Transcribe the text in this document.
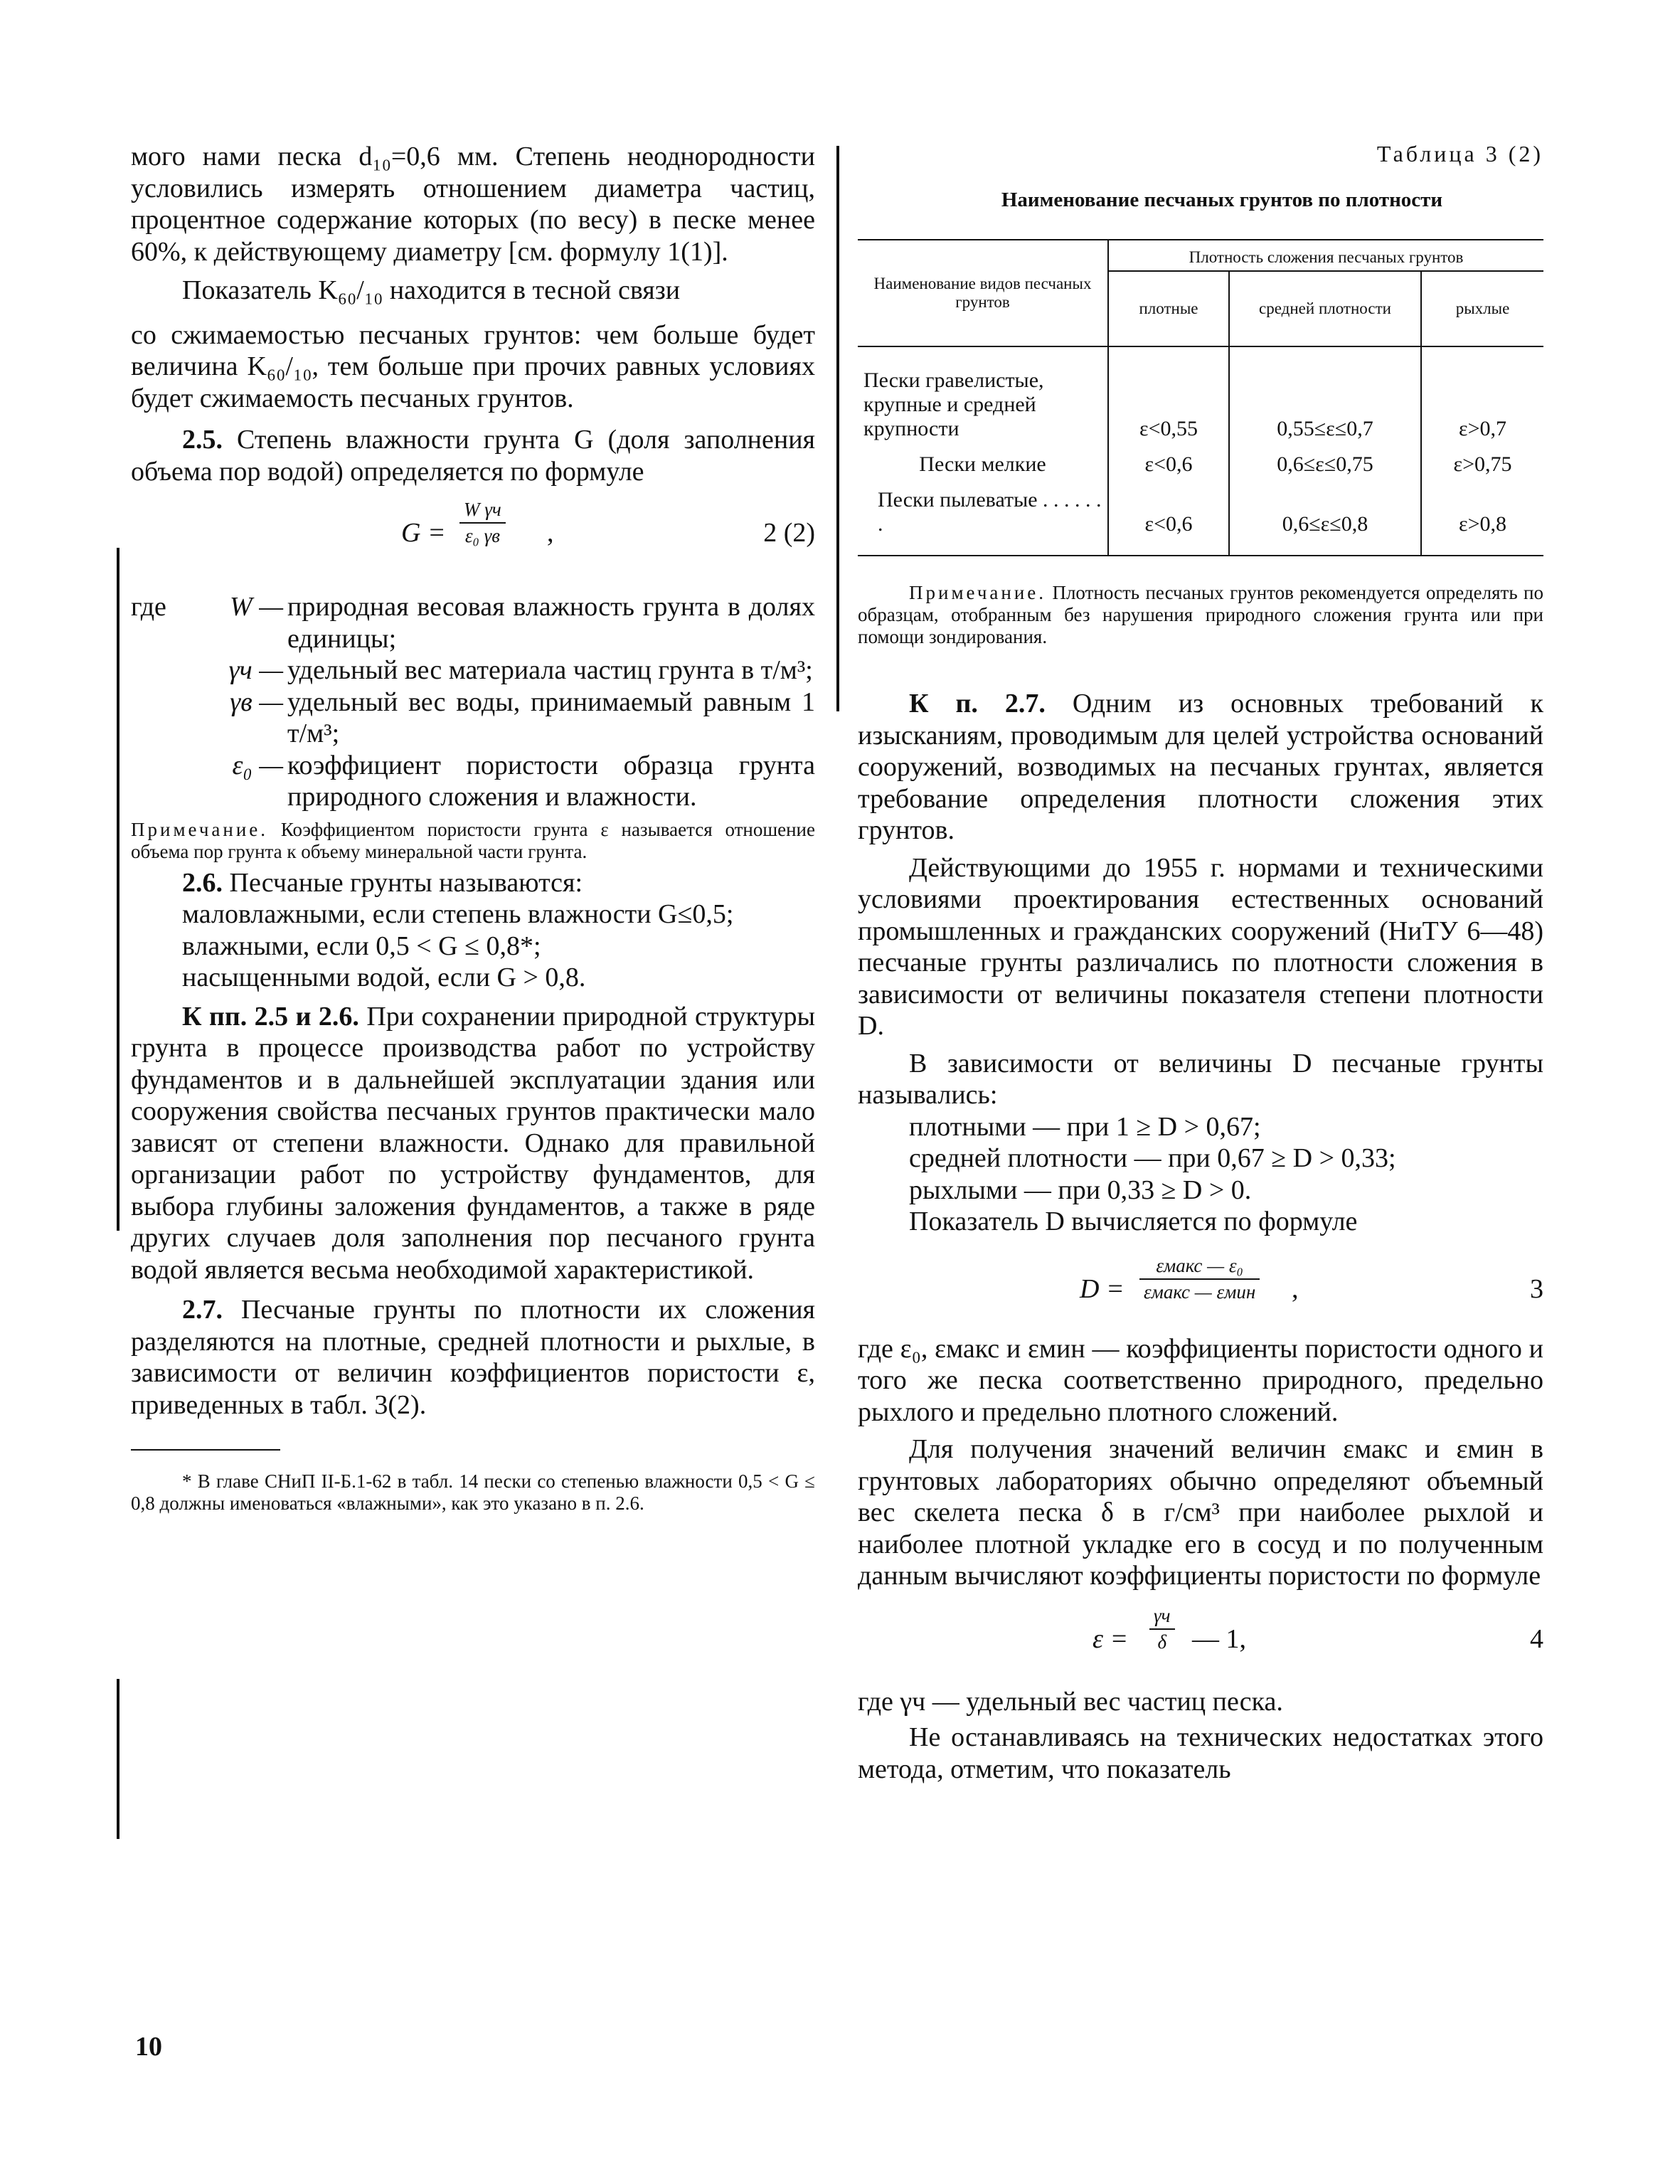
мого нами песка d₁₀=0,6 мм. Степень неоднородности условились измерять отношением диаметра частиц, процентное содержание которых (по весу) в песке менее 60%, к действующему диаметру [см. формулу 1(1)].

Показатель K₆₀/₁₀ находится в тесной связи

со сжимаемостью песчаных грунтов: чем больше будет величина K₆₀/₁₀, тем больше при прочих равных условиях будет сжимаемость песчаных грунтов.

2.5. Степень влажности грунта G (доля заполнения объема пор водой) определяется по формуле

G =
W γч
ε₀ γв ,	2 (2)
где	W — природная весовая влажность грунта в долях единицы;
γч — удельный вес материала частиц грунта в т/м³;
γв — удельный вес воды, принимаемый равным 1 т/м³;
ε₀ — коэффициент пористости образца грунта природного сложения и влажности.

Примечание. Коэффициентом пористости грунта ε называется отношение объема пор грунта к объему минеральной части грунта.

2.6. Песчаные грунты называются:

маловлажными, если степень влажности G≤0,5;

влажными, если 0,5 < G ≤ 0,8*;

насыщенными водой, если G > 0,8.

К пп. 2.5 и 2.6. При сохранении природной структуры грунта в процессе производства работ по устройству фундаментов и в дальнейшей эксплуатации здания или сооружения свойства песчаных грунтов практически мало зависят от степени влажности. Однако для правильной организации работ по устройству фундаментов, для выбора глубины заложения фундаментов, а также в ряде других случаев доля заполнения пор песчаного грунта водой является весьма необходимой характеристикой.

2.7. Песчаные грунты по плотности их сложения разделяются на плотные, средней плотности и рыхлые, в зависимости от величин коэффициентов пористости ε, приведенных в табл. 3(2).

* В главе СНиП II-Б.1-62 в табл. 14 пески со степенью влажности 0,5 < G ≤ 0,8 должны именоваться «влажными», как это указано в п. 2.6.

Таблица 3 (2)
Наименование песчаных грунтов по плотности
Наименование видов песчаных грунтов	Плотность сложения песчаных грунтов		
	плотные	средней плотности	рыхлые
Пески гравелистые, крупные и средней крупности	ε<0,55	0,55≤ε≤0,7	ε>0,7
Пески мелкие	ε<0,6	0,6≤ε≤0,75	ε>0,75
Пески пылеватые . . . . . . .	ε<0,6	0,6≤ε≤0,8	ε>0,8

Примечание. Плотность песчаных грунтов рекомендуется определять по образцам, отобранным без нарушения природного сложения грунта или при помощи зондирования.

К п. 2.7. Одним из основных требований к изысканиям, проводимым для целей устройства оснований сооружений, возводимых на песчаных грунтах, является требование определения плотности сложения этих грунтов.

Действующими до 1955 г. нормами и техническими условиями проектирования естественных оснований промышленных и гражданских сооружений (НиТУ 6—48) песчаные грунты различались по плотности сложения в зависимости от величины показателя степени плотности D.

В зависимости от величины D песчаные грунты назывались:

плотными — при 1 ≥ D > 0,67;

средней плотности — при 0,67 ≥ D > 0,33;

рыхлыми — при 0,33 ≥ D > 0.

Показатель D вычисляется по формуле

D =
εмакс — ε₀
εмакс — εмин ,	3

где ε₀, εмакс и εмин — коэффициенты пористости одного и того же песка соответственно природного, предельно рыхлого и предельно плотного сложений.

Для получения значений величин εмакс и εмин в грунтовых лабораториях обычно определяют объемный вес скелета песка δ в г/см³ при наиболее рыхлой и наиболее плотной укладке его в сосуд и по полученным данным вычисляют коэффициенты пористости по формуле

ε =
γч
δ — 1,	4

где γч — удельный вес частиц песка.

Не останавливаясь на технических недостатках этого метода, отметим, что показатель

10
